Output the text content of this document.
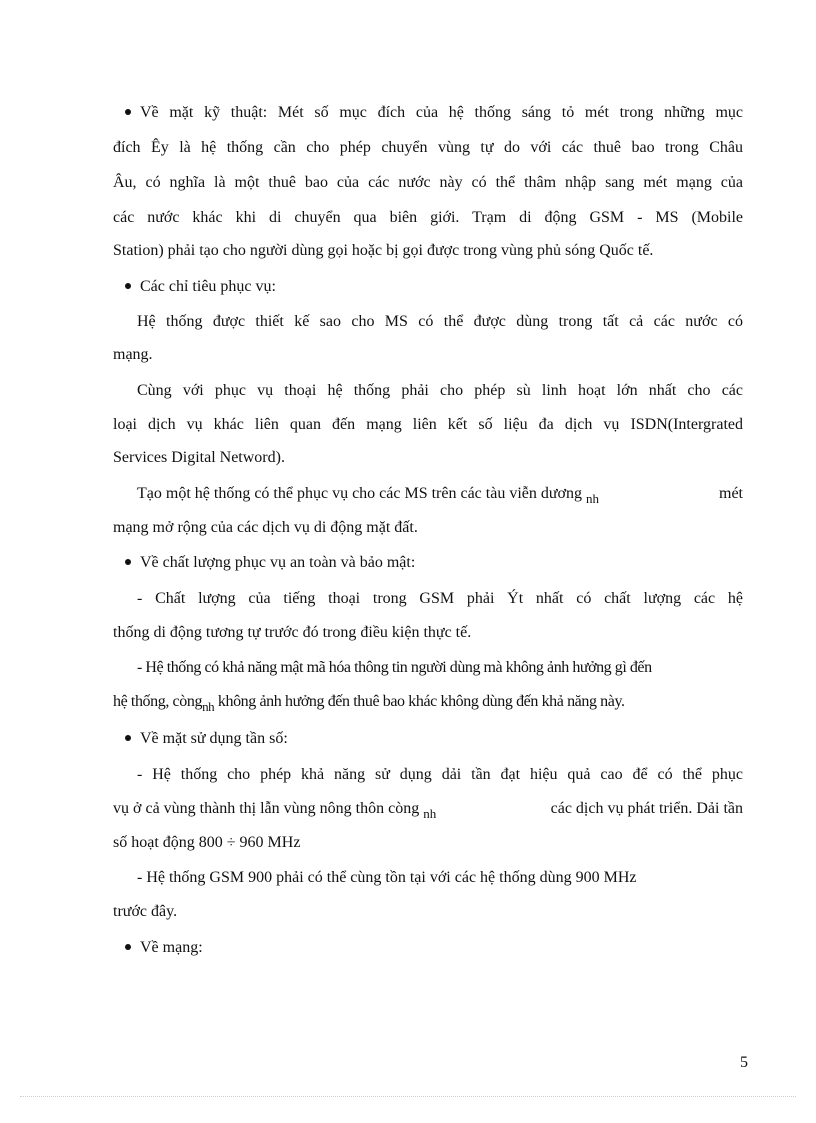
Về mặt kỹ thuật: Mét số mục đích của hệ thống sáng tỏ mét trong những mục
đích Êy là hệ thống cần cho phép chuyển vùng tự do với các thuê bao trong Châu
Âu, có nghĩa là một thuê bao của các nước này có thể thâm nhập sang mét mạng của
các nước khác khi di chuyển qua biên giới. Trạm di động GSM - MS (Mobile
Station) phải tạo cho người dùng gọi hoặc bị gọi được trong vùng phủ sóng Quốc tế.
Các chỉ tiêu phục vụ:
Hệ thống được thiết kế sao cho MS có thể được dùng trong tất cả các nước có
mạng.
Cùng với phục vụ thoại hệ thống phải cho phép sù linh hoạt lớn nhất cho các
loại dịch vụ khác liên quan đến mạng liên kết số liệu đa dịch vụ ISDN(Intergrated
Services Digital Netword).
Tạo một hệ thống có thể phục vụ cho các MS trên các tàu viễn dương $_{nh}$	mét
mạng mở rộng của các dịch vụ di động mặt đất.
Về chất lượng phục vụ an toàn và bảo mật:
- Chất lượng của tiếng thoại trong GSM phải Ýt nhất có chất lượng các hệ
thống di động tương tự trước đó trong điều kiện thực tế.
- Hệ thống có khả năng mật mã hóa thông tin người dùng mà không ảnh hưởng gì đến
hệ thống, còng$_{nh}$ không ảnh hưởng đến thuê bao khác không dùng đến khả năng này.
Về mặt sử dụng tần số:
- Hệ thống cho phép khả năng sử dụng dải tần đạt hiệu quả cao để có thể phục
vụ ở cả vùng thành thị lẫn vùng nông thôn còng $_{nh}$	các dịch vụ phát triển. Dải tần
số hoạt động 800 ÷ 960 MHz
- Hệ thống GSM 900 phải có thể cùng tồn tại với các hệ thống dùng 900 MHz
trước đây.
Về mạng:
5
